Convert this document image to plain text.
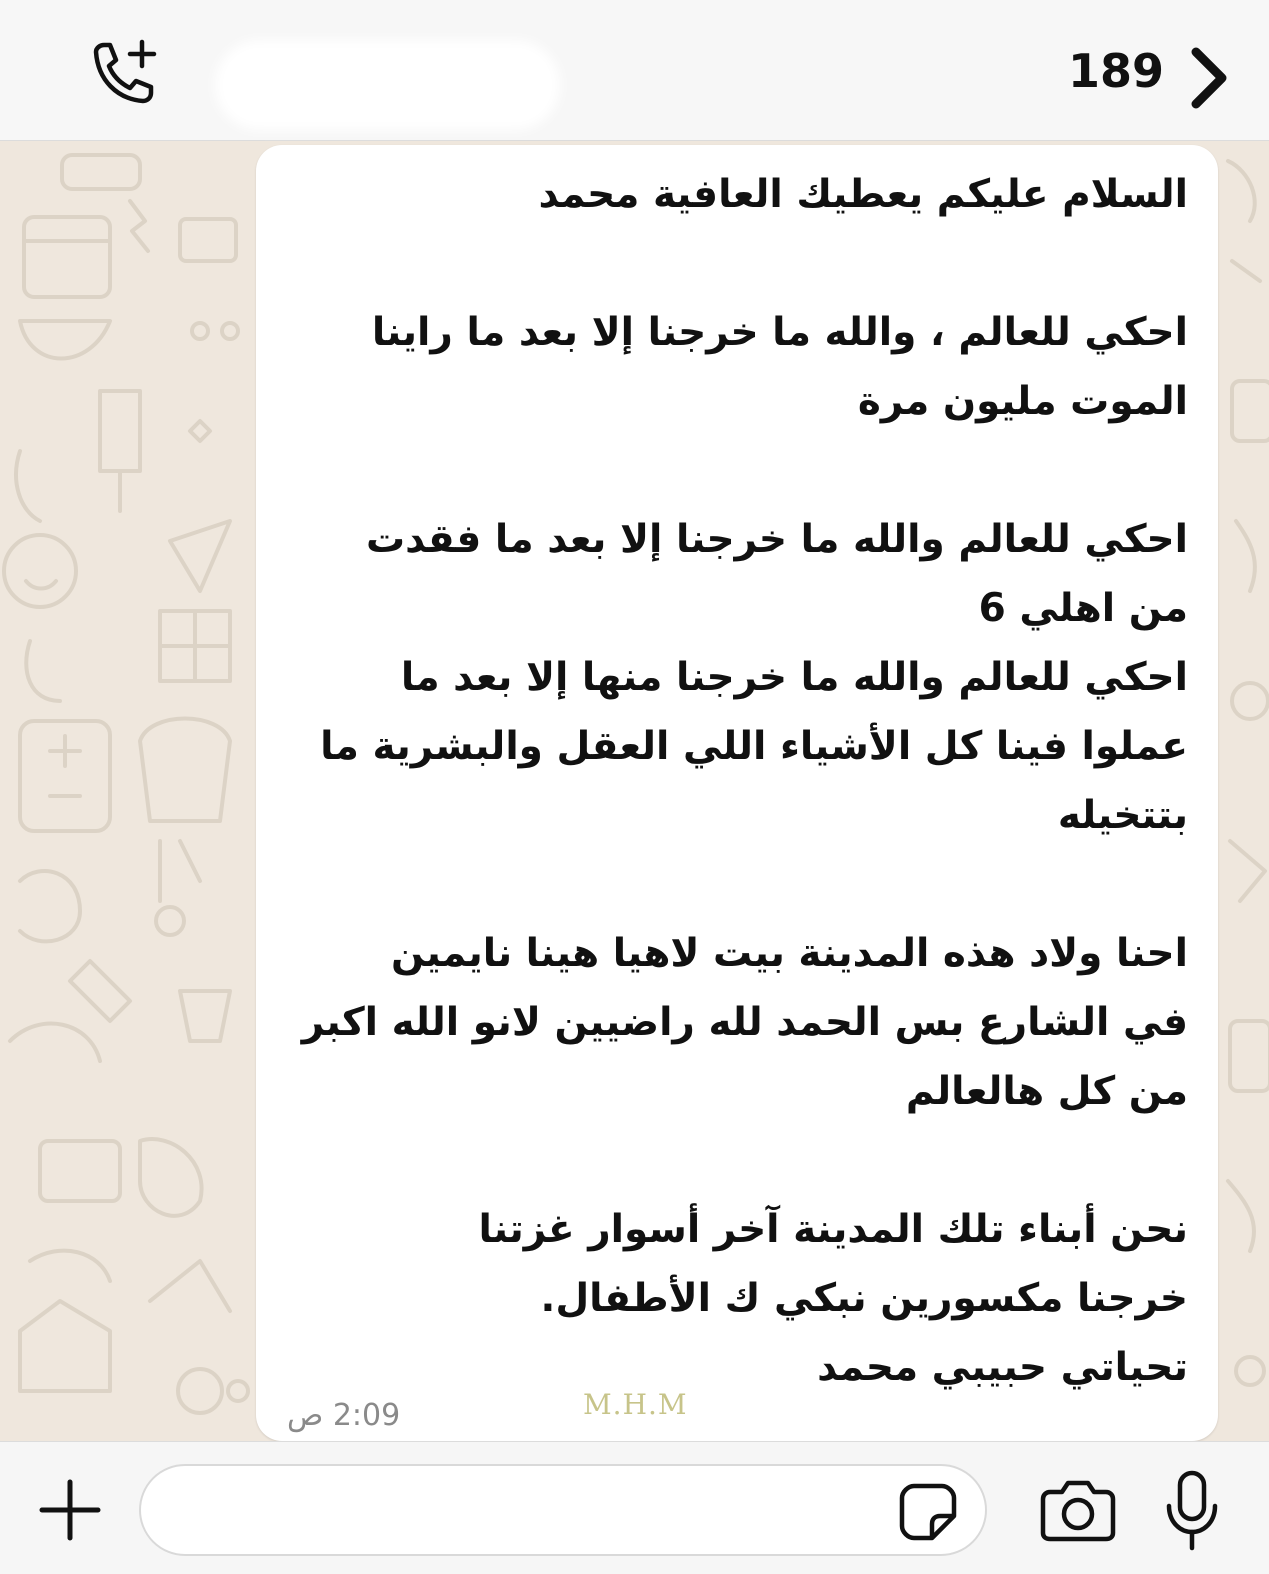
189

السلام عليكم يعطيك العافية محمد

احكي للعالم ، والله ما خرجنا إلا بعد ما راينا

الموت مليون مرة

احكي للعالم والله ما خرجنا إلا بعد ما فقدت

من اهلي 6

احكي للعالم والله ما خرجنا منها إلا بعد ما

عملوا فينا كل الأشياء اللي العقل والبشرية ما

بتتخيله

احنا ولاد هذه المدينة بيت لاهيا هينا نايمين

في الشارع بس الحمد لله راضيين لانو الله اكبر

من كل هالعالم

نحن أبناء تلك المدينة آخر أسوار غزتنا

خرجنا مكسورين نبكي ك الأطفال.

تحياتي حبيبي محمد

M.H.M
2:09 ص
